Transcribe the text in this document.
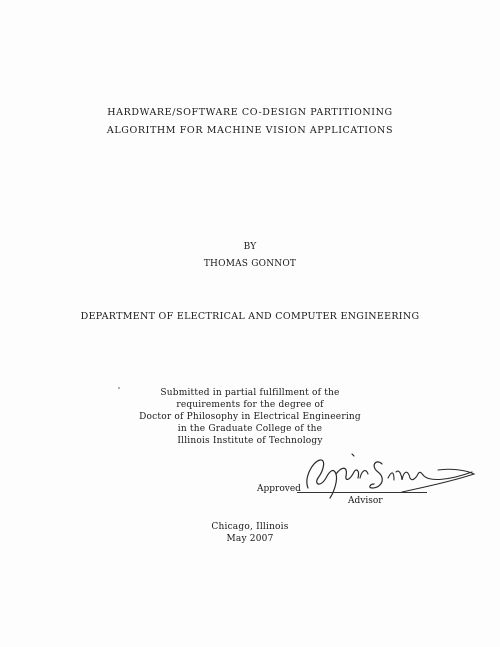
HARDWARE/SOFTWARE CO-DESIGN PARTITIONING
ALGORITHM FOR MACHINE VISION APPLICATIONS
BY
THOMAS GONNOT
DEPARTMENT OF ELECTRICAL AND COMPUTER ENGINEERING
Submitted in partial fulfillment of the
requirements for the degree of
Doctor of Philosophy in Electrical Engineering
in the Graduate College of the
Illinois Institute of Technology
Approved
Advisor
Chicago, Illinois
May 2007
